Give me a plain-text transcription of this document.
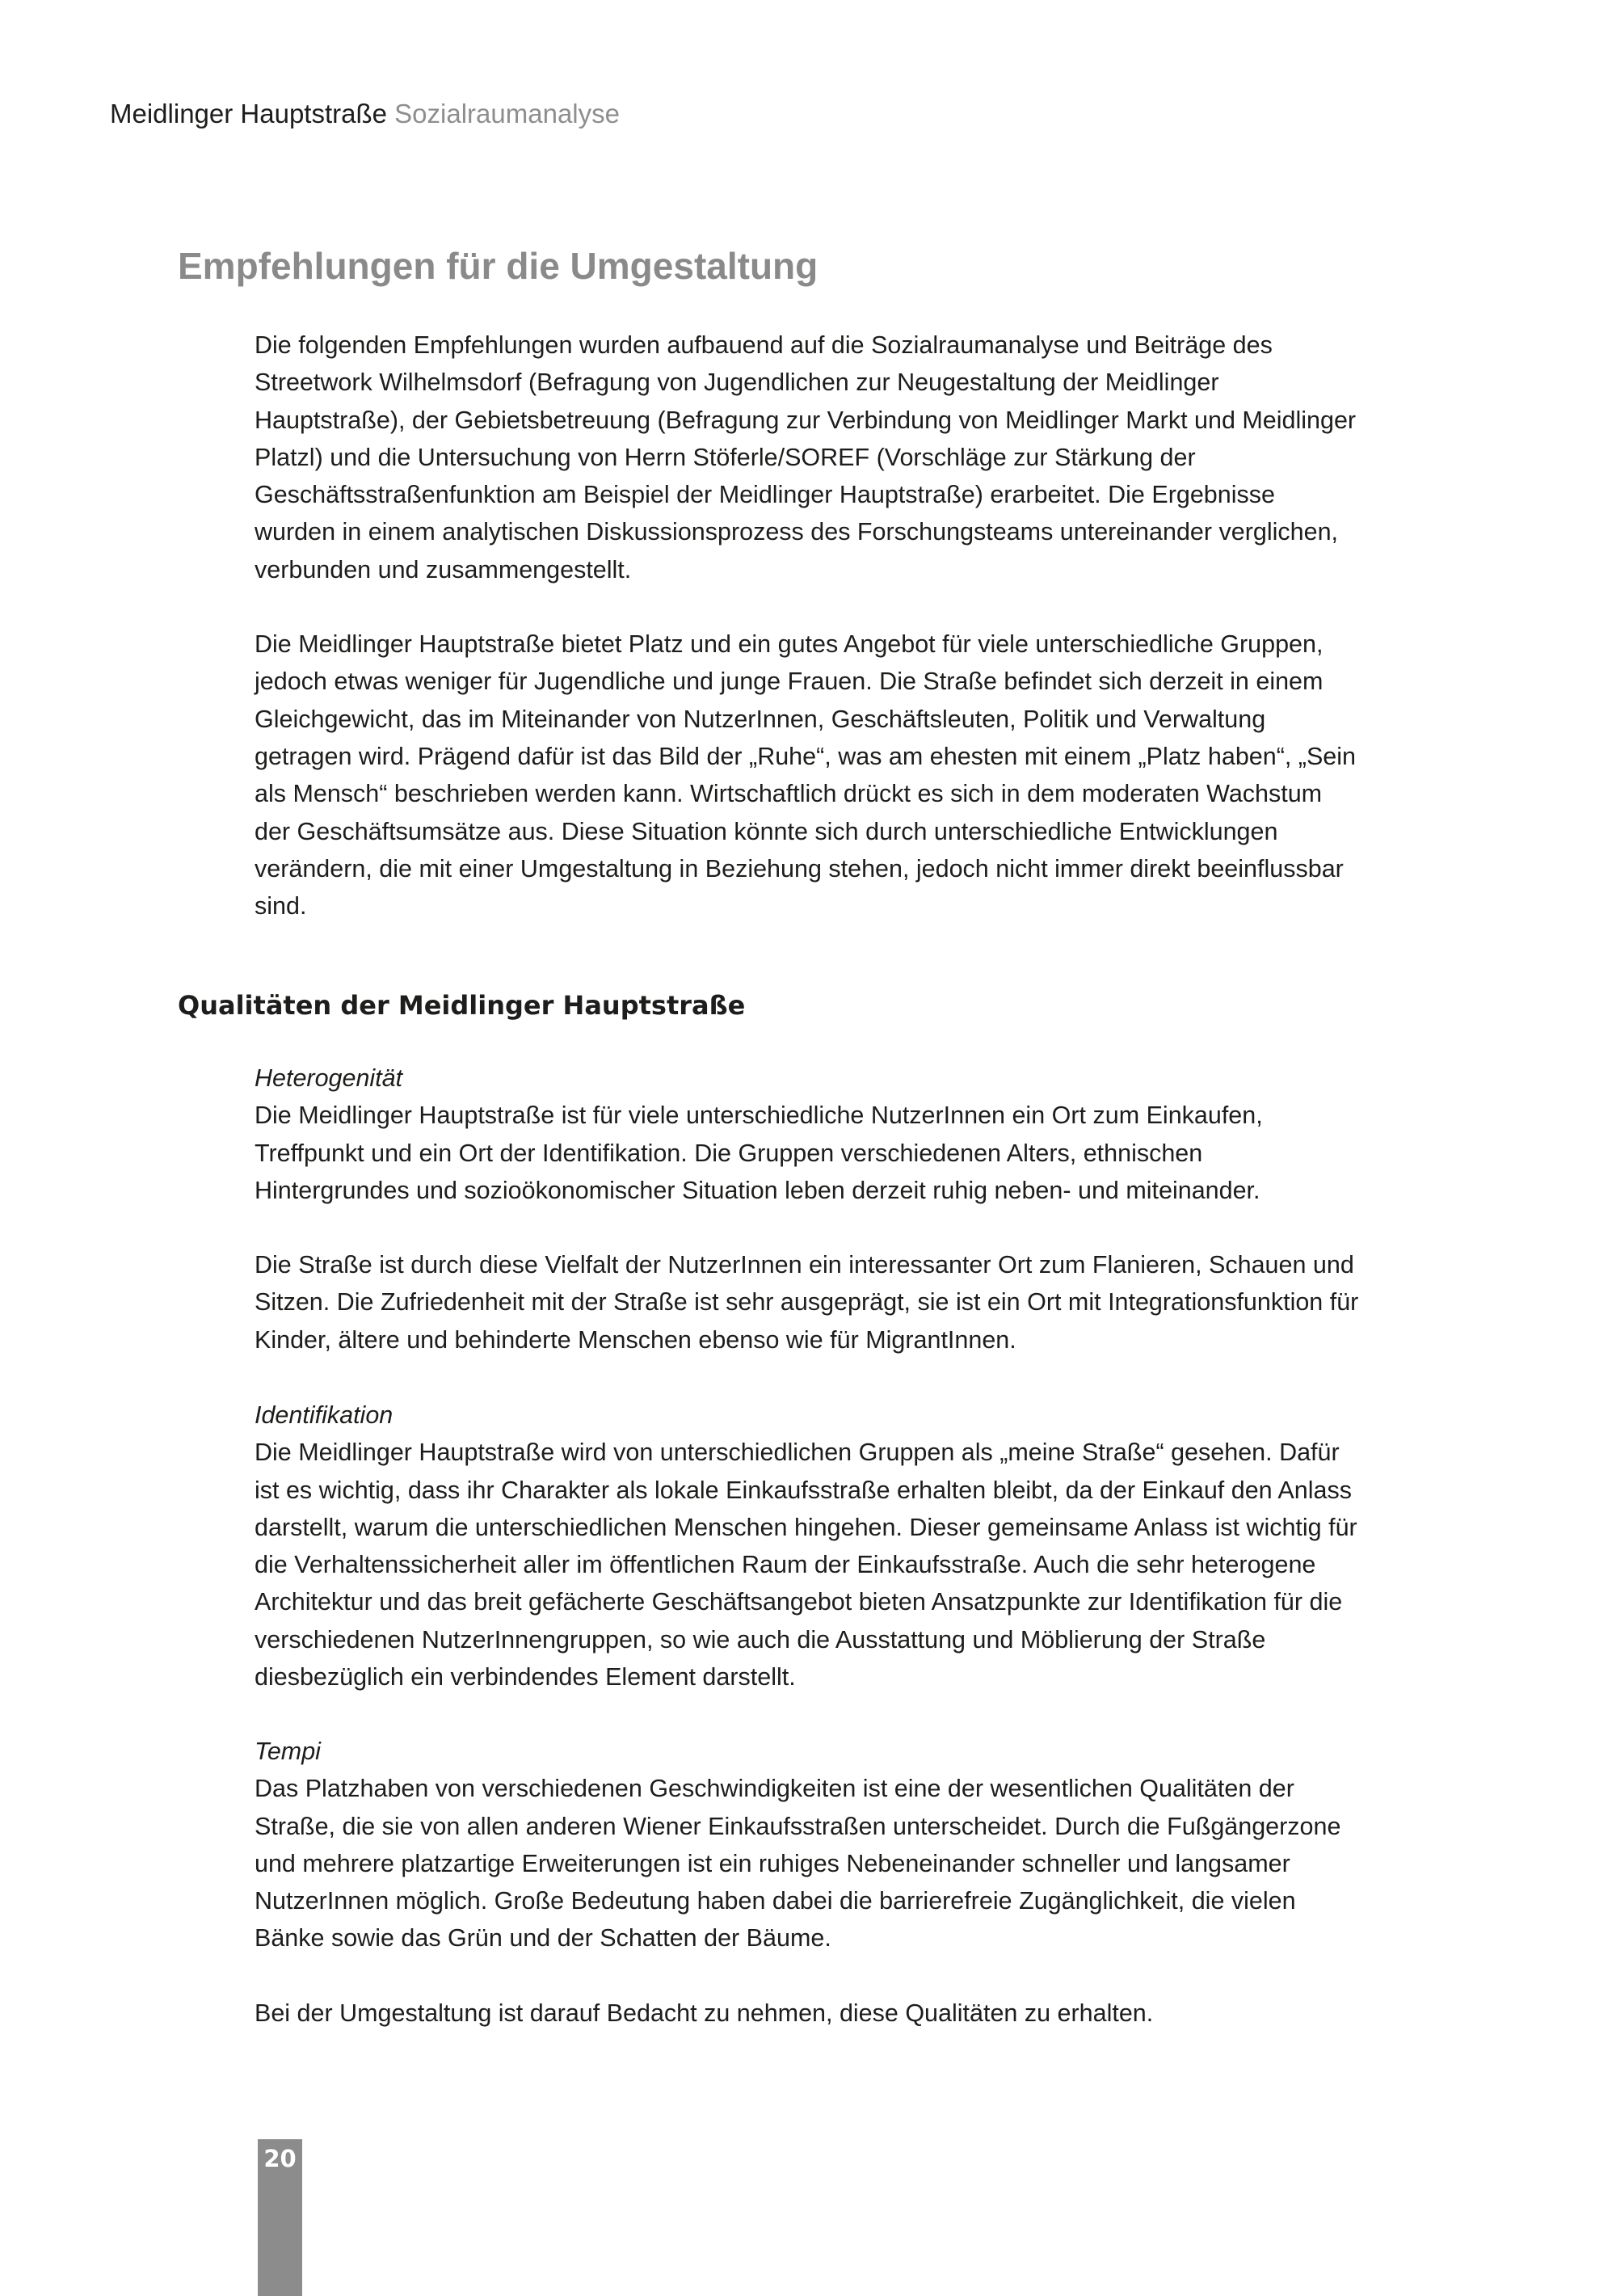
Meidlinger Hauptstraße Sozialraumanalyse
Empfehlungen für die Umgestaltung

Die folgenden Empfehlungen wurden aufbauend auf die Sozialraumanalyse und Beiträge des Streetwork Wilhelmsdorf (Befragung von Jugendlichen zur Neugestaltung der Meidlinger Hauptstraße), der Gebietsbetreuung (Befragung zur Verbindung von Meidlinger Markt und Meidlinger Platzl) und die Untersuchung von Herrn Stöferle/SOREF (Vorschläge zur Stärkung der Geschäftsstraßenfunktion am Beispiel der Meidlinger Hauptstraße) erarbeitet. Die Ergebnisse wurden in einem analytischen Diskussionsprozess des Forschungsteams untereinander verglichen, verbunden und zusammengestellt.

Die Meidlinger Hauptstraße bietet Platz und ein gutes Angebot für viele unterschiedliche Gruppen, jedoch etwas weniger für Jugendliche und junge Frauen. Die Straße befindet sich derzeit in einem Gleichgewicht, das im Miteinander von NutzerInnen, Geschäftsleuten, Politik und Verwaltung getragen wird. Prägend dafür ist das Bild der „Ruhe“, was am ehesten mit einem „Platz haben“, „Sein als Mensch“ beschrieben werden kann. Wirtschaftlich drückt es sich in dem moderaten Wachstum der Geschäftsumsätze aus. Diese Situation könnte sich durch unterschiedliche Entwicklungen verändern, die mit einer Umgestaltung in Beziehung stehen, jedoch nicht immer direkt beeinflussbar sind.

Qualitäten der Meidlinger Hauptstraße

Heterogenität

Die Meidlinger Hauptstraße ist für viele unterschiedliche NutzerInnen ein Ort zum Einkaufen, Treffpunkt und ein Ort der Identifikation. Die Gruppen verschiedenen Alters, ethnischen Hintergrundes und sozioökonomischer Situation leben derzeit ruhig neben- und miteinander.

Die Straße ist durch diese Vielfalt der NutzerInnen ein interessanter Ort zum Flanieren, Schauen und Sitzen. Die Zufriedenheit mit der Straße ist sehr ausgeprägt, sie ist ein Ort mit Integrationsfunktion für Kinder, ältere und behinderte Menschen ebenso wie für MigrantInnen.

Identifikation

Die Meidlinger Hauptstraße wird von unterschiedlichen Gruppen als „meine Straße“ gesehen. Dafür ist es wichtig, dass ihr Charakter als lokale Einkaufsstraße erhalten bleibt, da der Einkauf den Anlass darstellt, warum die unterschiedlichen Menschen hingehen. Dieser gemeinsame Anlass ist wichtig für die Verhaltenssicherheit aller im öffentlichen Raum der Einkaufsstraße. Auch die sehr heterogene Architektur und das breit gefächerte Geschäftsangebot bieten Ansatzpunkte zur Identifikation für die verschiedenen NutzerInnengruppen, so wie auch die Ausstattung und Möblierung der Straße diesbezüglich ein verbindendes Element darstellt.

Tempi

Das Platzhaben von verschiedenen Geschwindigkeiten ist eine der wesentlichen Qualitäten der Straße, die sie von allen anderen Wiener Einkaufsstraßen unterscheidet. Durch die Fußgängerzone und mehrere platzartige Erweiterungen ist ein ruhiges Nebeneinander schneller und langsamer NutzerInnen möglich. Große Bedeutung haben dabei die barrierefreie Zugänglichkeit, die vielen Bänke sowie das Grün und der Schatten der Bäume.

Bei der Umgestaltung ist darauf Bedacht zu nehmen, diese Qualitäten zu erhalten.

20
